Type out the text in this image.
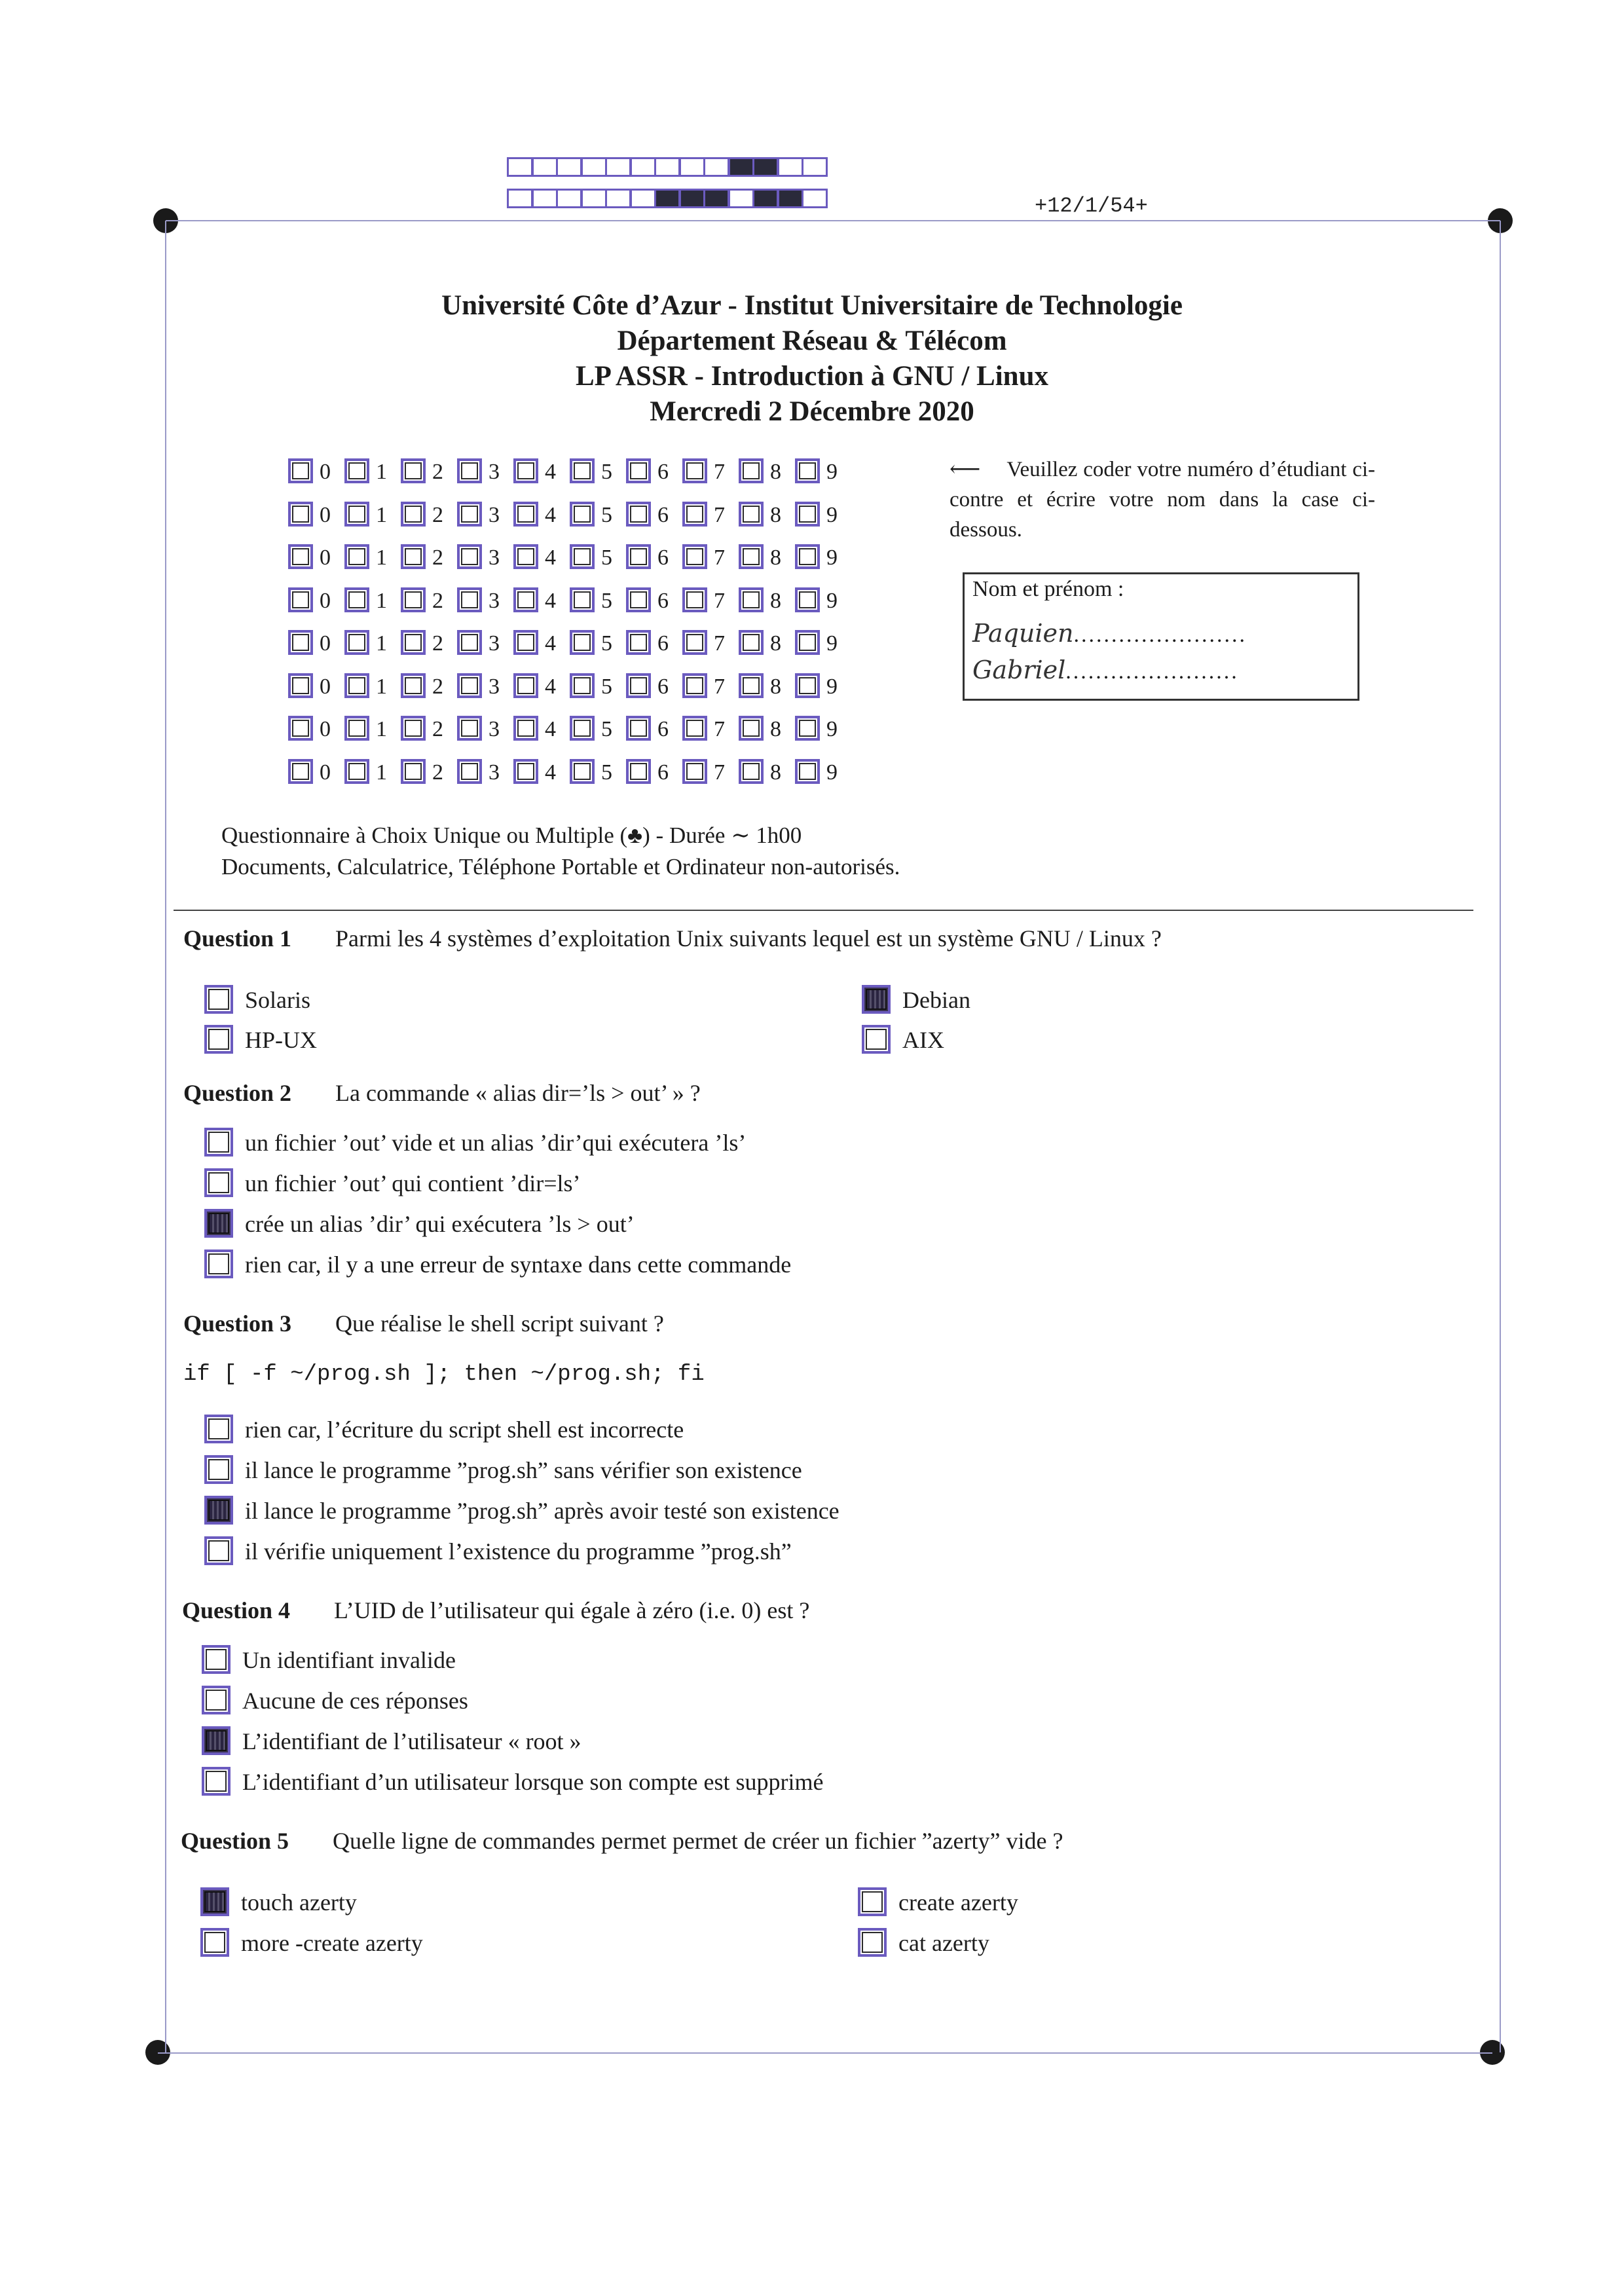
+12/1/54+
Université Côte d’Azur - Institut Universitaire de Technologie
Département Réseau & Télécom
LP ASSR - Introduction à GNU / Linux
Mercredi 2 Décembre 2020
0 1 2 3 4 5 6 7 8 9
0 1 2 3 4 5 6 7 8 9
0 1 2 3 4 5 6 7 8 9
0 1 2 3 4 5 6 7 8 9
0 1 2 3 4 5 6 7 8 9
0 1 2 3 4 5 6 7 8 9
0 1 2 3 4 5 6 7 8 9
0 1 2 3 4 5 6 7 8 9
⟵ Veuillez coder votre numéro d’étudiant ci-contre et écrire votre nom dans la case ci-dessous.
Nom et prénom :
Paquien.......................
Gabriel.......................
Questionnaire à Choix Unique ou Multiple (♣) - Durée ∼ 1h00
Documents, Calculatrice, Téléphone Portable et Ordinateur non-autorisés.
Question 1 Parmi les 4 systèmes d’exploitation Unix suivants lequel est un système GNU / Linux ?
Solaris
HP-UX
Debian
AIX
Question 2 La commande « alias dir=’ls > out’ » ?
un fichier ’out’ vide et un alias ’dir’qui exécutera ’ls’
un fichier ’out’ qui contient ’dir=ls’
crée un alias ’dir’ qui exécutera ’ls > out’
rien car, il y a une erreur de syntaxe dans cette commande
Question 3 Que réalise le shell script suivant ?
if [ -f ~/prog.sh ]; then ~/prog.sh; fi
rien car, l’écriture du script shell est incorrecte
il lance le programme ”prog.sh” sans vérifier son existence
il lance le programme ”prog.sh” après avoir testé son existence
il vérifie uniquement l’existence du programme ”prog.sh”
Question 4 L’UID de l’utilisateur qui égale à zéro (i.e. 0) est ?
Un identifiant invalide
Aucune de ces réponses
L’identifiant de l’utilisateur « root »
L’identifiant d’un utilisateur lorsque son compte est supprimé
Question 5 Quelle ligne de commandes permet permet de créer un fichier ”azerty” vide ?
touch azerty
more -create azerty
create azerty
cat azerty
